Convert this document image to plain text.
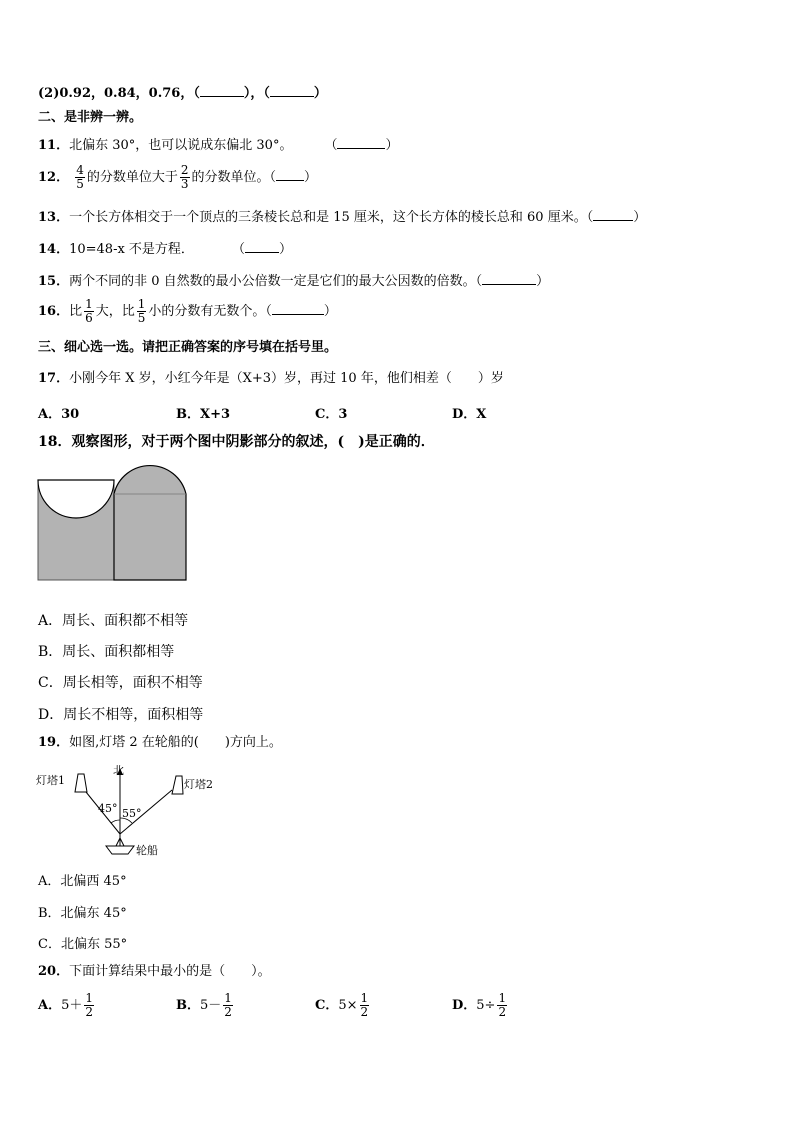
(2)0.92，0.84，0.76，（	），（	）
二、是非辨一辨。
11．北偏东 30°，也可以说成东偏北 30°。 （	）
12． $\frac{4}{5}$ 的分数单位大于 $\frac{2}{3}$ 的分数单位。（ ）
13．一个长方体相交于一个顶点的三条棱长总和是 15 厘米，这个长方体的棱长总和 60 厘米。（	）
14．10=48-x 不是方程．	（	）
15．两个不同的非 0 自然数的最小公倍数一定是它们的最大公因数的倍数。（	）
16．比 $\frac{1}{6}$ 大，比 $\frac{1}{5}$ 小的分数有无数个。（	）
三、细心选一选。请把正确答案的序号填在括号里。
17．小刚今年 X 岁，小红今年是（X+3）岁，再过 10 年，他们相差（　　）岁
A．30	B．X+3	C．3	D．X
18．观察图形，对于两个图中阴影部分的叙述，(　)是正确的．
A．周长、面积都不相等
B．周长、面积都相等
C．周长相等，面积不相等
D．周长不相等，面积相等
19．如图,灯塔 2 在轮船的(　　)方向上。
北
45° 55°
灯塔1	灯塔2
轮船
A．北偏西 45°
B．北偏东 45°
C．北偏东 55°
20．下面计算结果中最小的是（　　）。
A．$5+ \frac{1}{2}$	B．$5- \frac{1}{2}$	C．$5\times \frac{1}{2}$	D．$5\div \frac{1}{2}$
